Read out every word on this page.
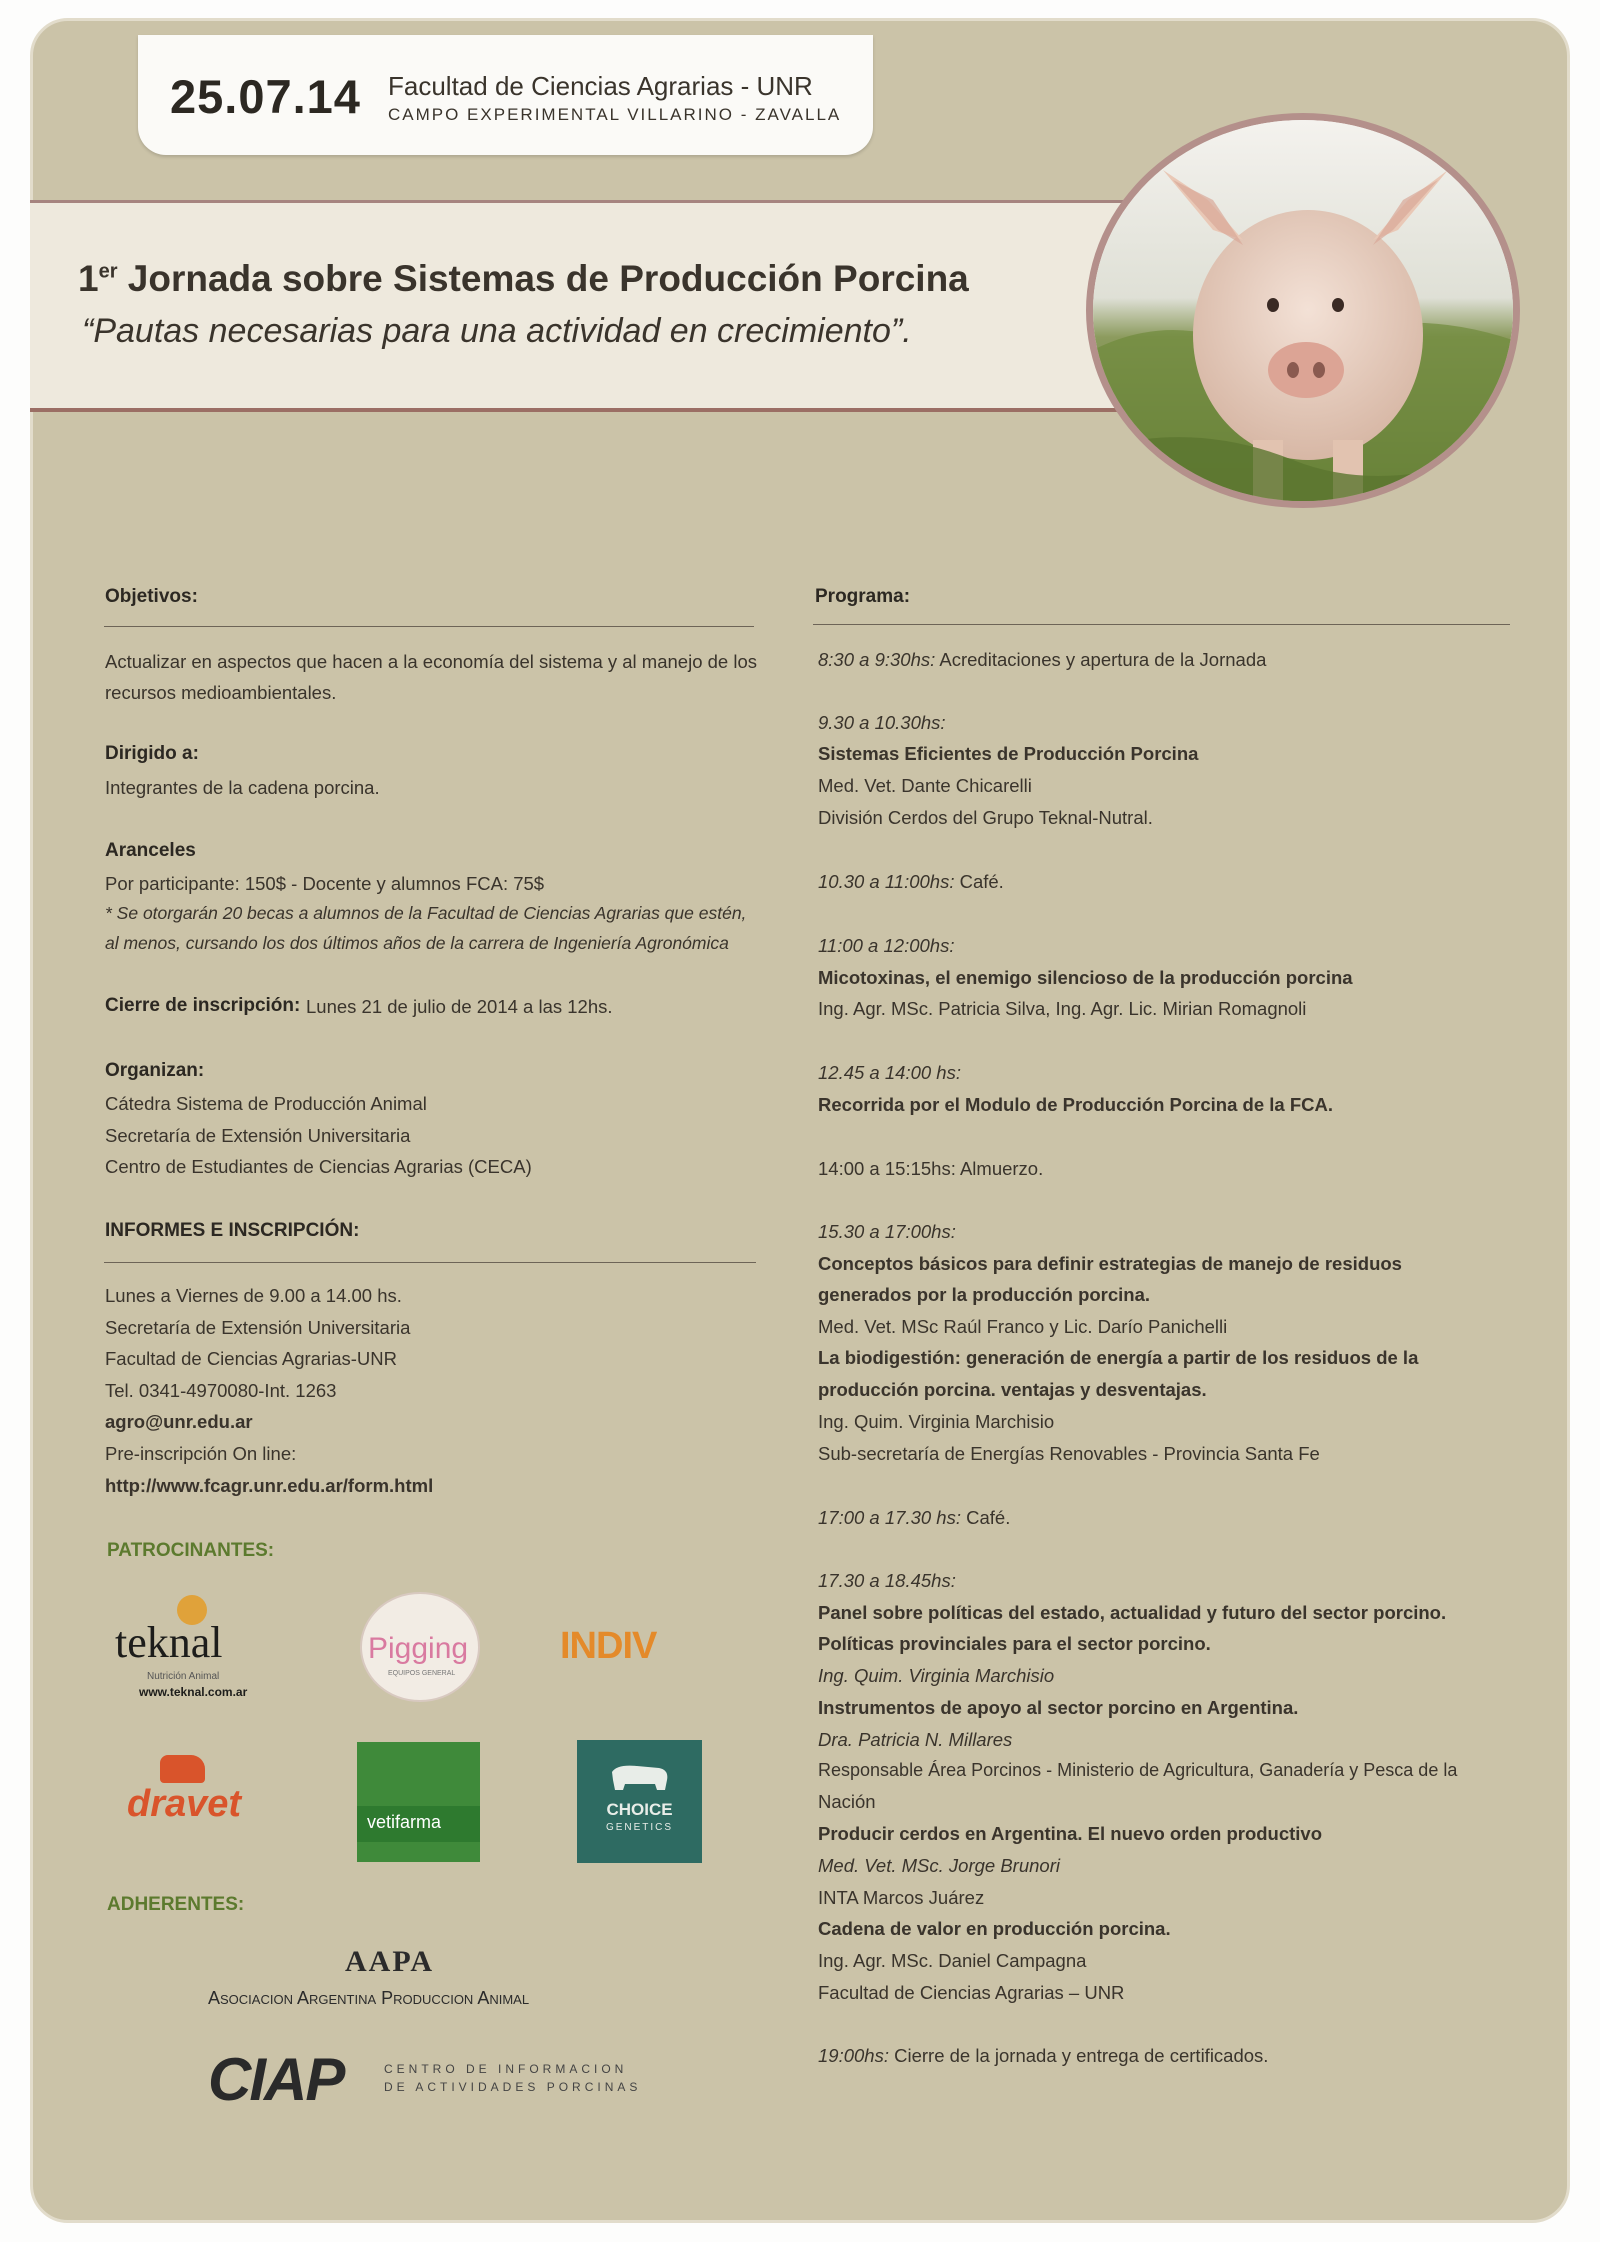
25.07.14 Facultad de Ciencias Agrarias - UNR
CAMPO EXPERIMENTAL VILLARINO - ZAVALLA
1er Jornada sobre Sistemas de Producción Porcina
“Pautas necesarias para una actividad en crecimiento”.
Objetivos:
Actualizar en aspectos que hacen a la economía del sistema y al manejo de los
recursos medioambientales.
Dirigido a:
Integrantes de la cadena porcina.
Aranceles
Por participante: 150$ - Docente y alumnos FCA: 75$
* Se otorgarán 20 becas a alumnos de la Facultad de Ciencias Agrarias que estén,
al menos, cursando los dos últimos años de la carrera de Ingeniería Agronómica
Cierre de inscripción: Lunes 21 de julio de 2014 a las 12hs.
Organizan:
Cátedra Sistema de Producción Animal
Secretaría de Extensión Universitaria
Centro de Estudiantes de Ciencias Agrarias (CECA)
INFORMES E INSCRIPCIÓN:
Lunes a Viernes de 9.00 a 14.00 hs.
Secretaría de Extensión Universitaria
Facultad de Ciencias Agrarias-UNR
Tel. 0341-4970080-Int. 1263
agro@unr.edu.ar
Pre-inscripción On line:
http://www.fcagr.unr.edu.ar/form.html
PATROCINANTES:
teknal
Nutrición Animal
www.teknal.com.ar
Pigging
EQUIPOS GENERAL
INDIV
dravet	vetifarma
CHOICE
GENETICS
ADHERENTES:
AAPA
Asociacion Argentina Produccion Animal
CIAP	CENTRO DE INFORMACION
DE ACTIVIDADES PORCINAS
Programa:
8:30 a 9:30hs: Acreditaciones y apertura de la Jornada
9.30 a 10.30hs:
Sistemas Eficientes de Producción Porcina
Med. Vet. Dante Chicarelli
División Cerdos del Grupo Teknal-Nutral.
10.30 a 11:00hs: Café.
11:00 a 12:00hs:
Micotoxinas, el enemigo silencioso de la producción porcina
Ing. Agr. MSc. Patricia Silva, Ing. Agr. Lic. Mirian Romagnoli
12.45 a 14:00 hs:
Recorrida por el Modulo de Producción Porcina de la FCA.
14:00 a 15:15hs: Almuerzo.
15.30 a 17:00hs:
Conceptos básicos para definir estrategias de manejo de residuos
generados por la producción porcina.
Med. Vet. MSc Raúl Franco y Lic. Darío Panichelli
La biodigestión: generación de energía a partir de los residuos de la
producción porcina. ventajas y desventajas.
Ing. Quim. Virginia Marchisio
Sub-secretaría de Energías Renovables - Provincia Santa Fe
17:00 a 17.30 hs: Café.
17.30 a 18.45hs:
Panel sobre políticas del estado, actualidad y futuro del sector porcino.
Políticas provinciales para el sector porcino.
Ing. Quim. Virginia Marchisio
Instrumentos de apoyo al sector porcino en Argentina.
Dra. Patricia N. Millares
Responsable Área Porcinos - Ministerio de Agricultura, Ganadería y Pesca de la
Nación
Producir cerdos en Argentina. El nuevo orden productivo
Med. Vet. MSc. Jorge Brunori
INTA Marcos Juárez
Cadena de valor en producción porcina.
Ing. Agr. MSc. Daniel Campagna
Facultad de Ciencias Agrarias – UNR
19:00hs: Cierre de la jornada y entrega de certificados.
